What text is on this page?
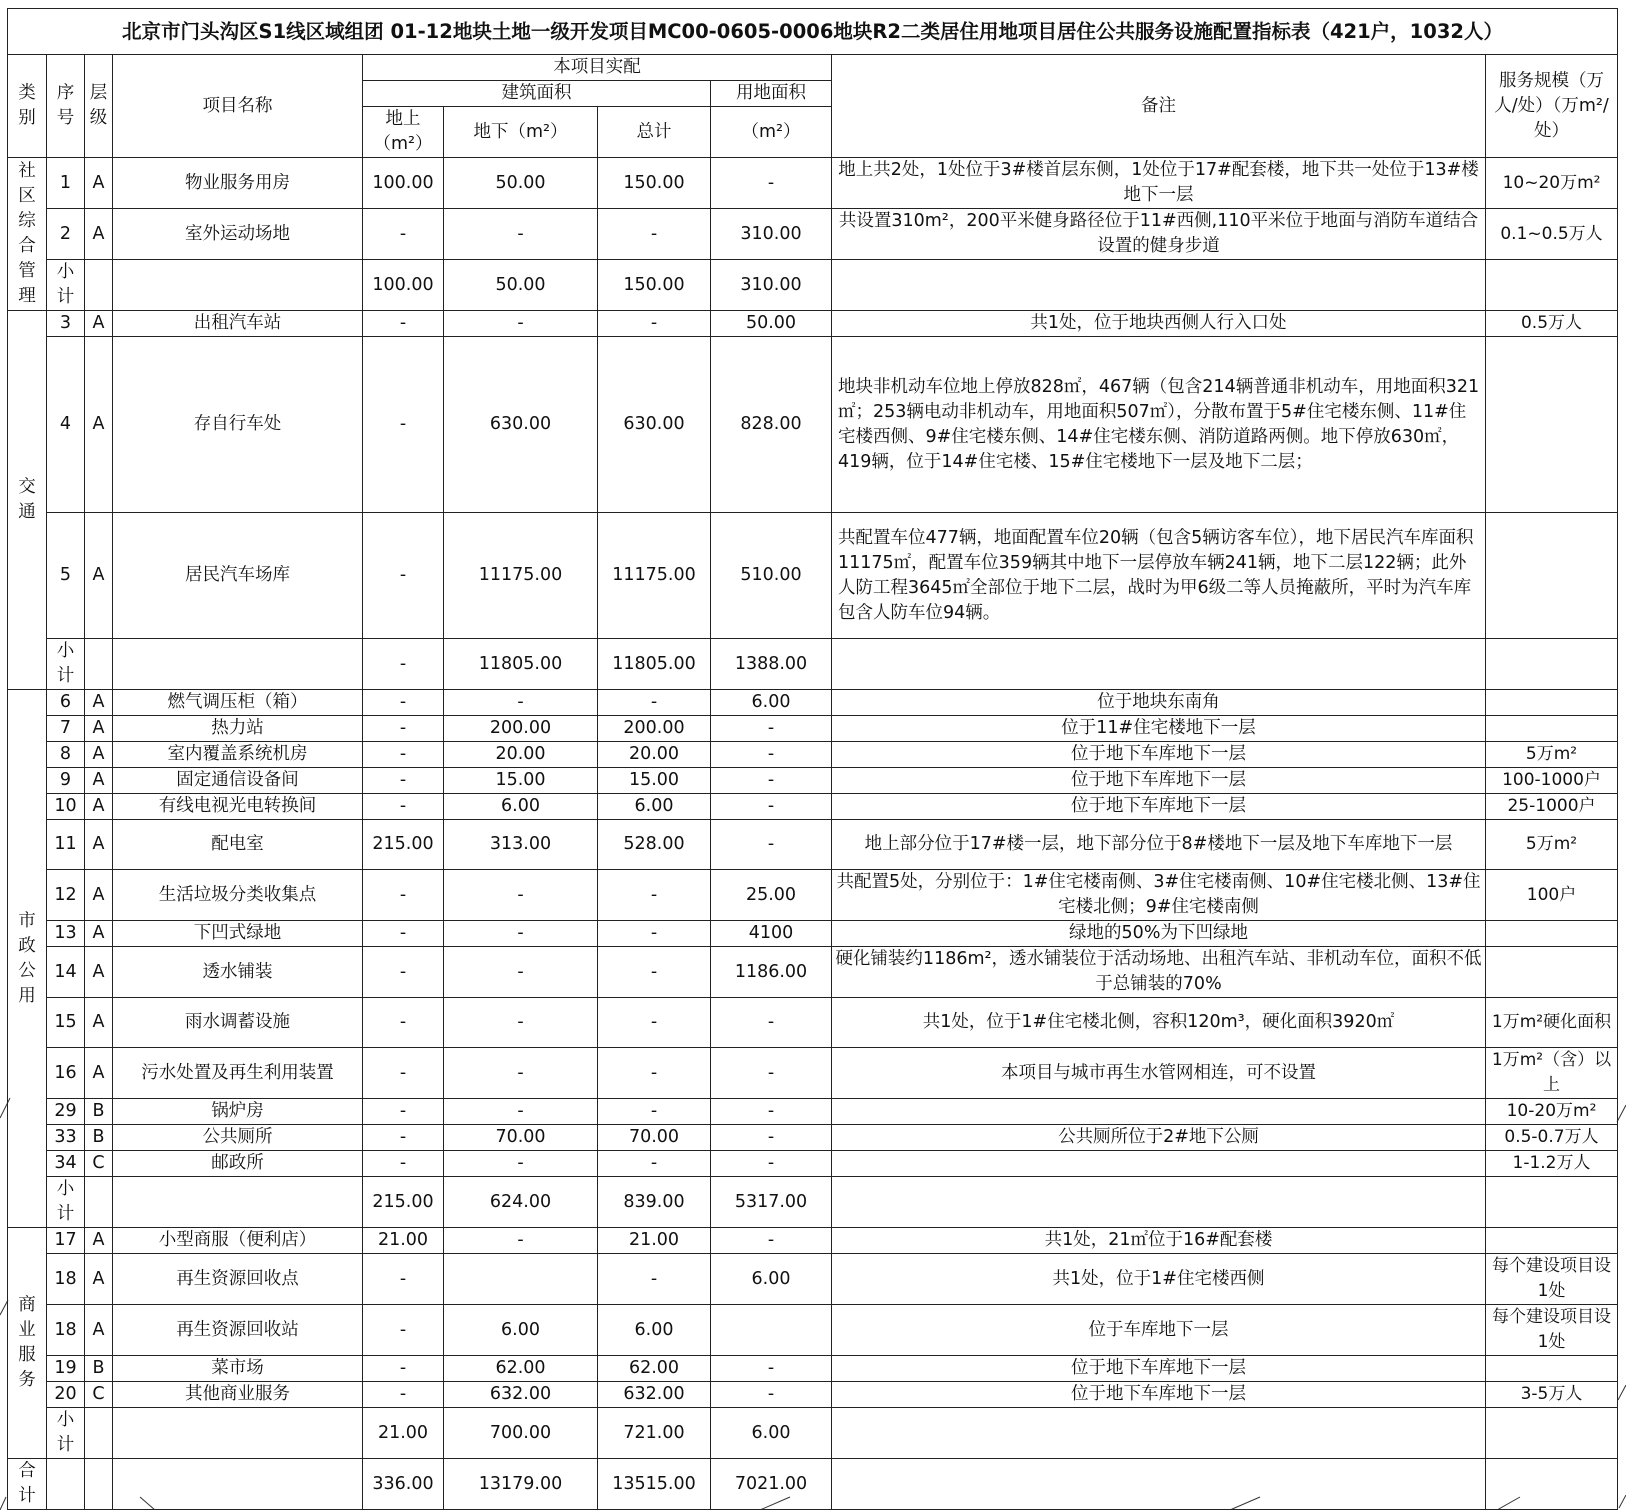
北京市门头沟区S1线区域组团 01-12地块土地一级开发项目MC00-0605-0006地块R2二类居住用地项目居住公共服务设施配置指标表（421户，1032人）									
类别	序号	层级	项目名称	本项目实配				备注	服务规模（万人/处）（万m²/处）
				建筑面积			用地面积		
				地上（m²）	地下（m²）	总计	（m²）		

社区综合管理	1	A	物业服务用房	100.00	50.00	150.00	-	地上共2处，1处位于3#楼首层东侧，1处位于17#配套楼，地下共一处位于13#楼地下一层	10~20万m²
	2	A	室外运动场地	-	-	-	310.00	共设置310m²，200平米健身路径位于11#西侧,110平米位于地面与消防车道结合设置的健身步道	0.1~0.5万人
	小计			100.00	50.00	150.00	310.00		
交通	3	A	出租汽车站	-	-	-	50.00	共1处，位于地块西侧人行入口处	0.5万人
	4	A	存自行车处	-	630.00	630.00	828.00	地块非机动车位地上停放828㎡，467辆（包含214辆普通非机动车，用地面积321㎡；253辆电动非机动车，用地面积507㎡），分散布置于5#住宅楼东侧、11#住宅楼西侧、9#住宅楼东侧、14#住宅楼东侧、消防道路两侧。地下停放630㎡，419辆，位于14#住宅楼、15#住宅楼地下一层及地下二层；	
	5	A	居民汽车场库	-	11175.00	11175.00	510.00	共配置车位477辆，地面配置车位20辆（包含5辆访客车位），地下居民汽车库面积11175㎡，配置车位359辆其中地下一层停放车辆241辆，地下二层122辆；此外人防工程3645㎡全部位于地下二层，战时为甲6级二等人员掩蔽所，平时为汽车库包含人防车位94辆。	
	小计			-	11805.00	11805.00	1388.00		
市政公用	6	A	燃气调压柜（箱）	-	-	-	6.00	位于地块东南角	
	7	A	热力站	-	200.00	200.00	-	位于11#住宅楼地下一层	
	8	A	室内覆盖系统机房	-	20.00	20.00	-	位于地下车库地下一层	5万m²
	9	A	固定通信设备间	-	15.00	15.00	-	位于地下车库地下一层	100-1000户
	10	A	有线电视光电转换间	-	6.00	6.00	-	位于地下车库地下一层	25-1000户
	11	A	配电室	215.00	313.00	528.00	-	地上部分位于17#楼一层，地下部分位于8#楼地下一层及地下车库地下一层	5万m²
	12	A	生活垃圾分类收集点	-	-	-	25.00	共配置5处，分别位于：1#住宅楼南侧、3#住宅楼南侧、10#住宅楼北侧、13#住宅楼北侧；9#住宅楼南侧	100户
	13	A	下凹式绿地	-	-	-	4100	绿地的50%为下凹绿地	
	14	A	透水铺装	-	-	-	1186.00	硬化铺装约1186m²，透水铺装位于活动场地、出租汽车站、非机动车位，面积不低于总铺装的70%	
	15	A	雨水调蓄设施	-	-	-	-	共1处，位于1#住宅楼北侧，容积120m³，硬化面积3920㎡	1万m²硬化面积
	16	A	污水处置及再生利用装置	-	-	-	-	本项目与城市再生水管网相连，可不设置	1万m²（含）以上
	29	B	锅炉房	-	-	-	-		10-20万m²
	33	B	公共厕所	-	70.00	70.00	-	公共厕所位于2#地下公厕	0.5-0.7万人
	34	C	邮政所	-	-	-	-		1-1.2万人
	小计			215.00	624.00	839.00	5317.00		
商业服务	17	A	小型商服（便利店）	21.00	-	21.00	-	共1处，21㎡位于16#配套楼	
	18	A	再生资源回收点	-		-	6.00	共1处，位于1#住宅楼西侧	每个建设项目设1处
	18	A	再生资源回收站	-	6.00	6.00		位于车库地下一层	每个建设项目设1处
	19	B	菜市场	-	62.00	62.00	-	位于地下车库地下一层	
	20	C	其他商业服务	-	632.00	632.00	-	位于地下车库地下一层	3-5万人
	小计			21.00	700.00	721.00	6.00		
合计				336.00	13179.00	13515.00	7021.00		
